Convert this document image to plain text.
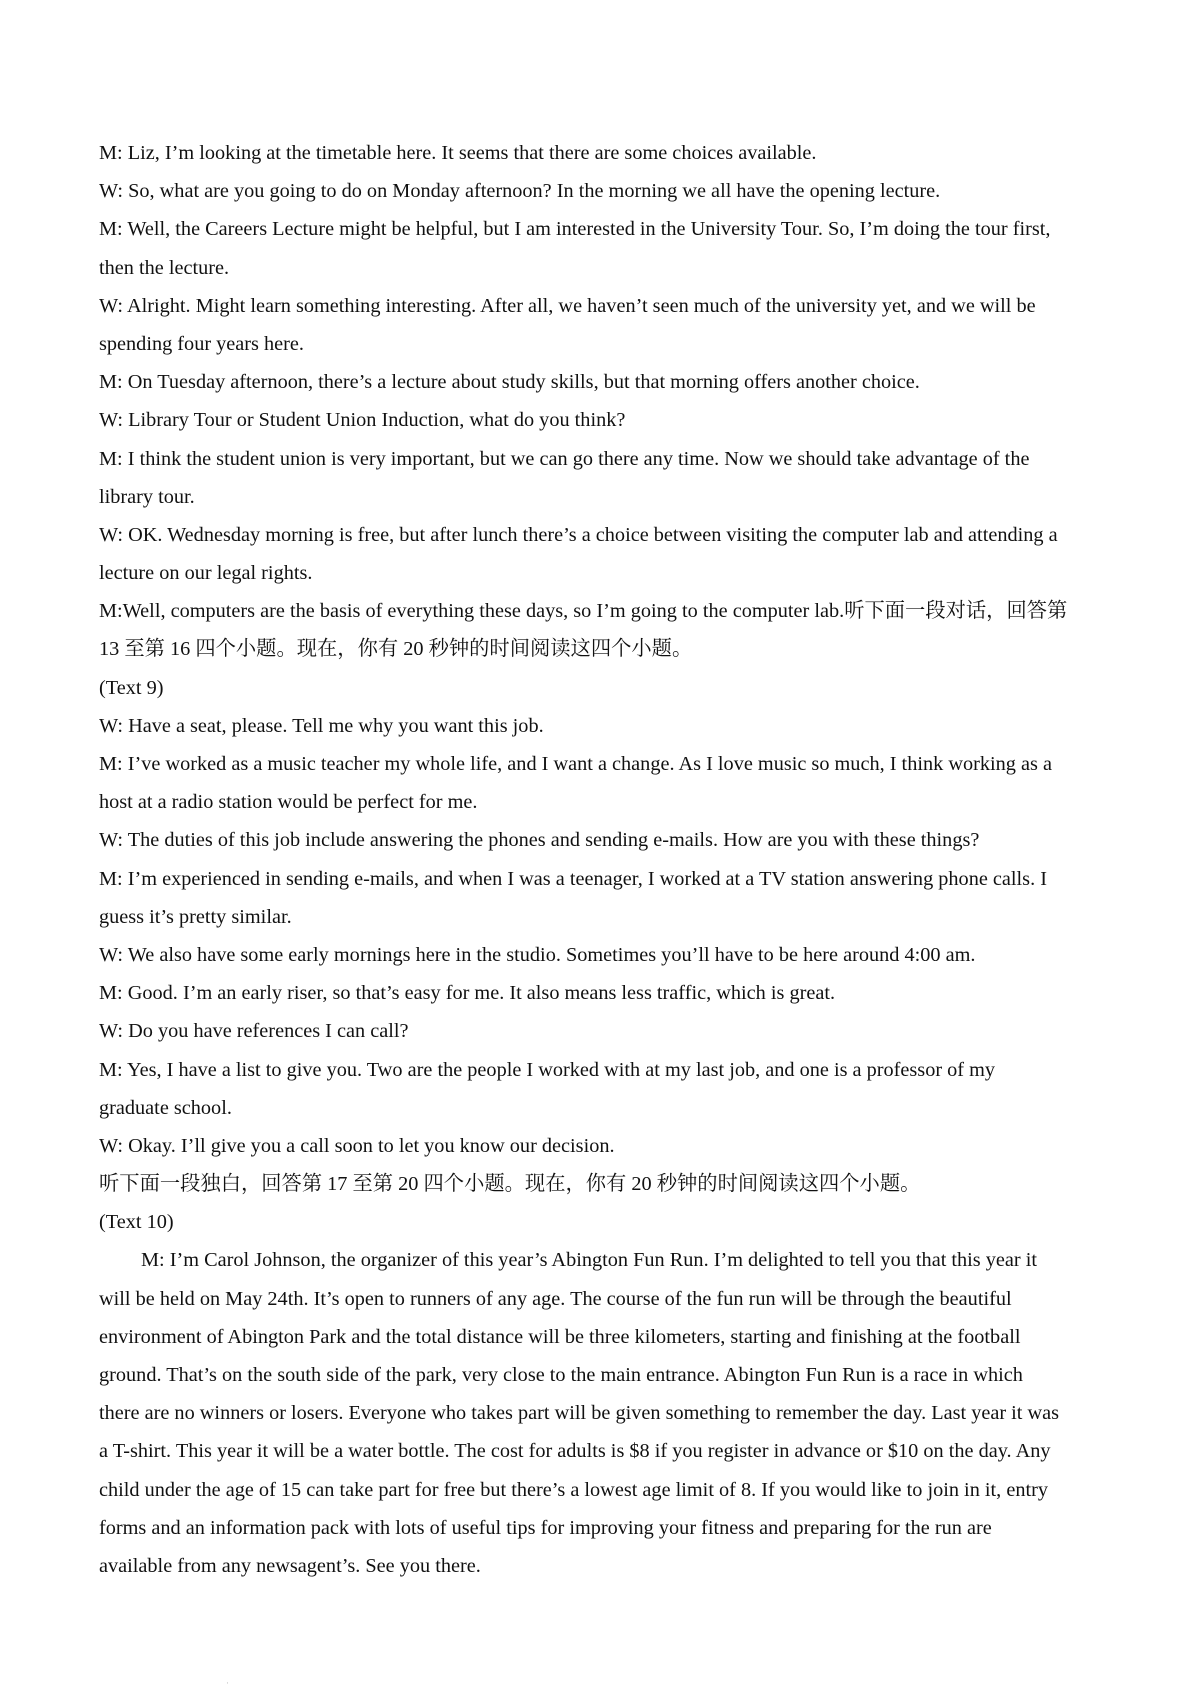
M: Liz, I’m looking at the timetable here. It seems that there are some choices available.

W: So, what are you going to do on Monday afternoon? In the morning we all have the opening lecture.

M: Well, the Careers Lecture might be helpful, but I am interested in the University Tour. So, I’m doing the tour first,

then the lecture.

W: Alright. Might learn something interesting. After all, we haven’t seen much of the university yet, and we will be

spending four years here.

M: On Tuesday afternoon, there’s a lecture about study skills, but that morning offers another choice.

W: Library Tour or Student Union Induction, what do you think?

M: I think the student union is very important, but we can go there any time. Now we should take advantage of the

library tour.

W: OK. Wednesday morning is free, but after lunch there’s a choice between visiting the computer lab and attending a

lecture on our legal rights.

M:Well, computers are the basis of everything these days, so I’m going to the computer lab.听下面一段对话，回答第

13 至第 16 四个小题。现在，你有 20 秒钟的时间阅读这四个小题。

(Text 9)

W: Have a seat, please. Tell me why you want this job.

M: I’ve worked as a music teacher my whole life, and I want a change. As I love music so much, I think working as a

host at a radio station would be perfect for me.

W: The duties of this job include answering the phones and sending e-mails. How are you with these things?

M: I’m experienced in sending e-mails, and when I was a teenager, I worked at a TV station answering phone calls. I

guess it’s pretty similar.

W: We also have some early mornings here in the studio. Sometimes you’ll have to be here around 4:00 am.

M: Good. I’m an early riser, so that’s easy for me. It also means less traffic, which is great.

W: Do you have references I can call?

M: Yes, I have a list to give you. Two are the people I worked with at my last job, and one is a professor of my

graduate school.

W: Okay. I’ll give you a call soon to let you know our decision.

听下面一段独白，回答第 17 至第 20 四个小题。现在，你有 20 秒钟的时间阅读这四个小题。

(Text 10)

M: I’m Carol Johnson, the organizer of this year’s Abington Fun Run. I’m delighted to tell you that this year it

will be held on May 24th. It’s open to runners of any age. The course of the fun run will be through the beautiful

environment of Abington Park and the total distance will be three kilometers, starting and finishing at the football

ground. That’s on the south side of the park, very close to the main entrance. Abington Fun Run is a race in which

there are no winners or losers. Everyone who takes part will be given something to remember the day. Last year it was

a T-shirt. This year it will be a water bottle. The cost for adults is $8 if you register in advance or $10 on the day. Any

child under the age of 15 can take part for free but there’s a lowest age limit of 8. If you would like to join in it, entry

forms and an information pack with lots of useful tips for improving your fitness and preparing for the run are

available from any newsagent’s. See you there.

·
